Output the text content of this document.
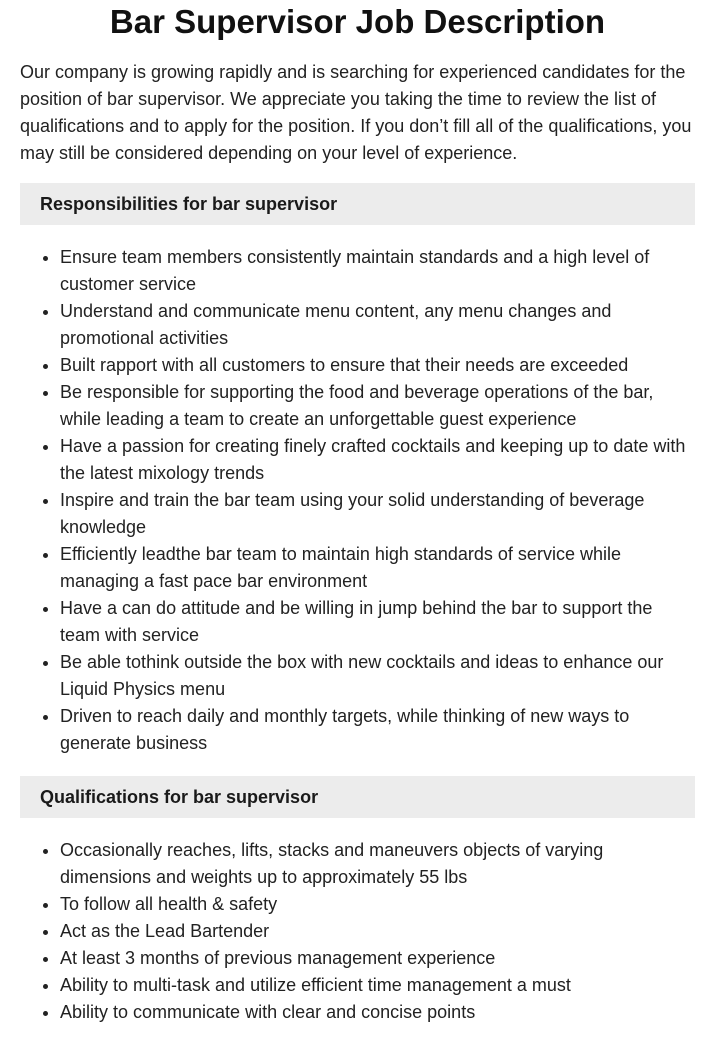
Bar Supervisor Job Description

Our company is growing rapidly and is searching for experienced candidates for the position of bar supervisor. We appreciate you taking the time to review the list of qualifications and to apply for the position. If you don’t fill all of the qualifications, you may still be considered depending on your level of experience.

Responsibilities for bar supervisor
• Ensure team members consistently maintain standards and a high level of customer service
• Understand and communicate menu content, any menu changes and promotional activities
• Built rapport with all customers to ensure that their needs are exceeded
• Be responsible for supporting the food and beverage operations of the bar, while leading a team to create an unforgettable guest experience
• Have a passion for creating finely crafted cocktails and keeping up to date with the latest mixology trends
• Inspire and train the bar team using your solid understanding of beverage knowledge
• Efficiently leadthe bar team to maintain high standards of service while managing a fast pace bar environment
• Have a can do attitude and be willing in jump behind the bar to support the team with service
• Be able tothink outside the box with new cocktails and ideas to enhance our Liquid Physics menu
• Driven to reach daily and monthly targets, while thinking of new ways to generate business
Qualifications for bar supervisor
• Occasionally reaches, lifts, stacks and maneuvers objects of varying dimensions and weights up to approximately 55 lbs
• To follow all health & safety
• Act as the Lead Bartender
• At least 3 months of previous management experience
• Ability to multi-task and utilize efficient time management a must
• Ability to communicate with clear and concise points
